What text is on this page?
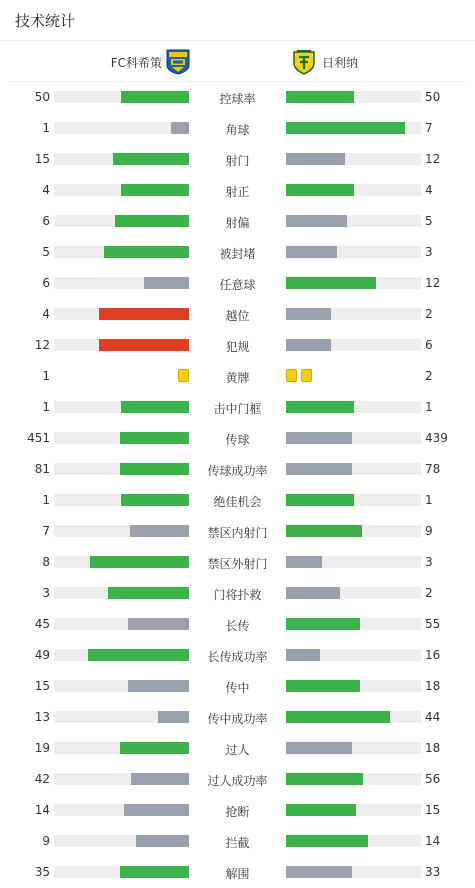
技术统计
FC科希策	日利纳
50	控球率	50
1	角球	7
15	射门	12
4	射正	4
6	射偏	5
5	被封堵	3
6	任意球	12
4	越位	2
12	犯规	6
1	黄牌	2
1	击中门框	1
451	传球	439
81	传球成功率	78
1	绝佳机会	1
7	禁区内射门	9
8	禁区外射门	3
3	门将扑救	2
45	长传	55
49	长传成功率	16
15	传中	18
13	传中成功率	44
19	过人	18
42	过人成功率	56
14	抢断	15
9	拦截	14
35	解围	33
